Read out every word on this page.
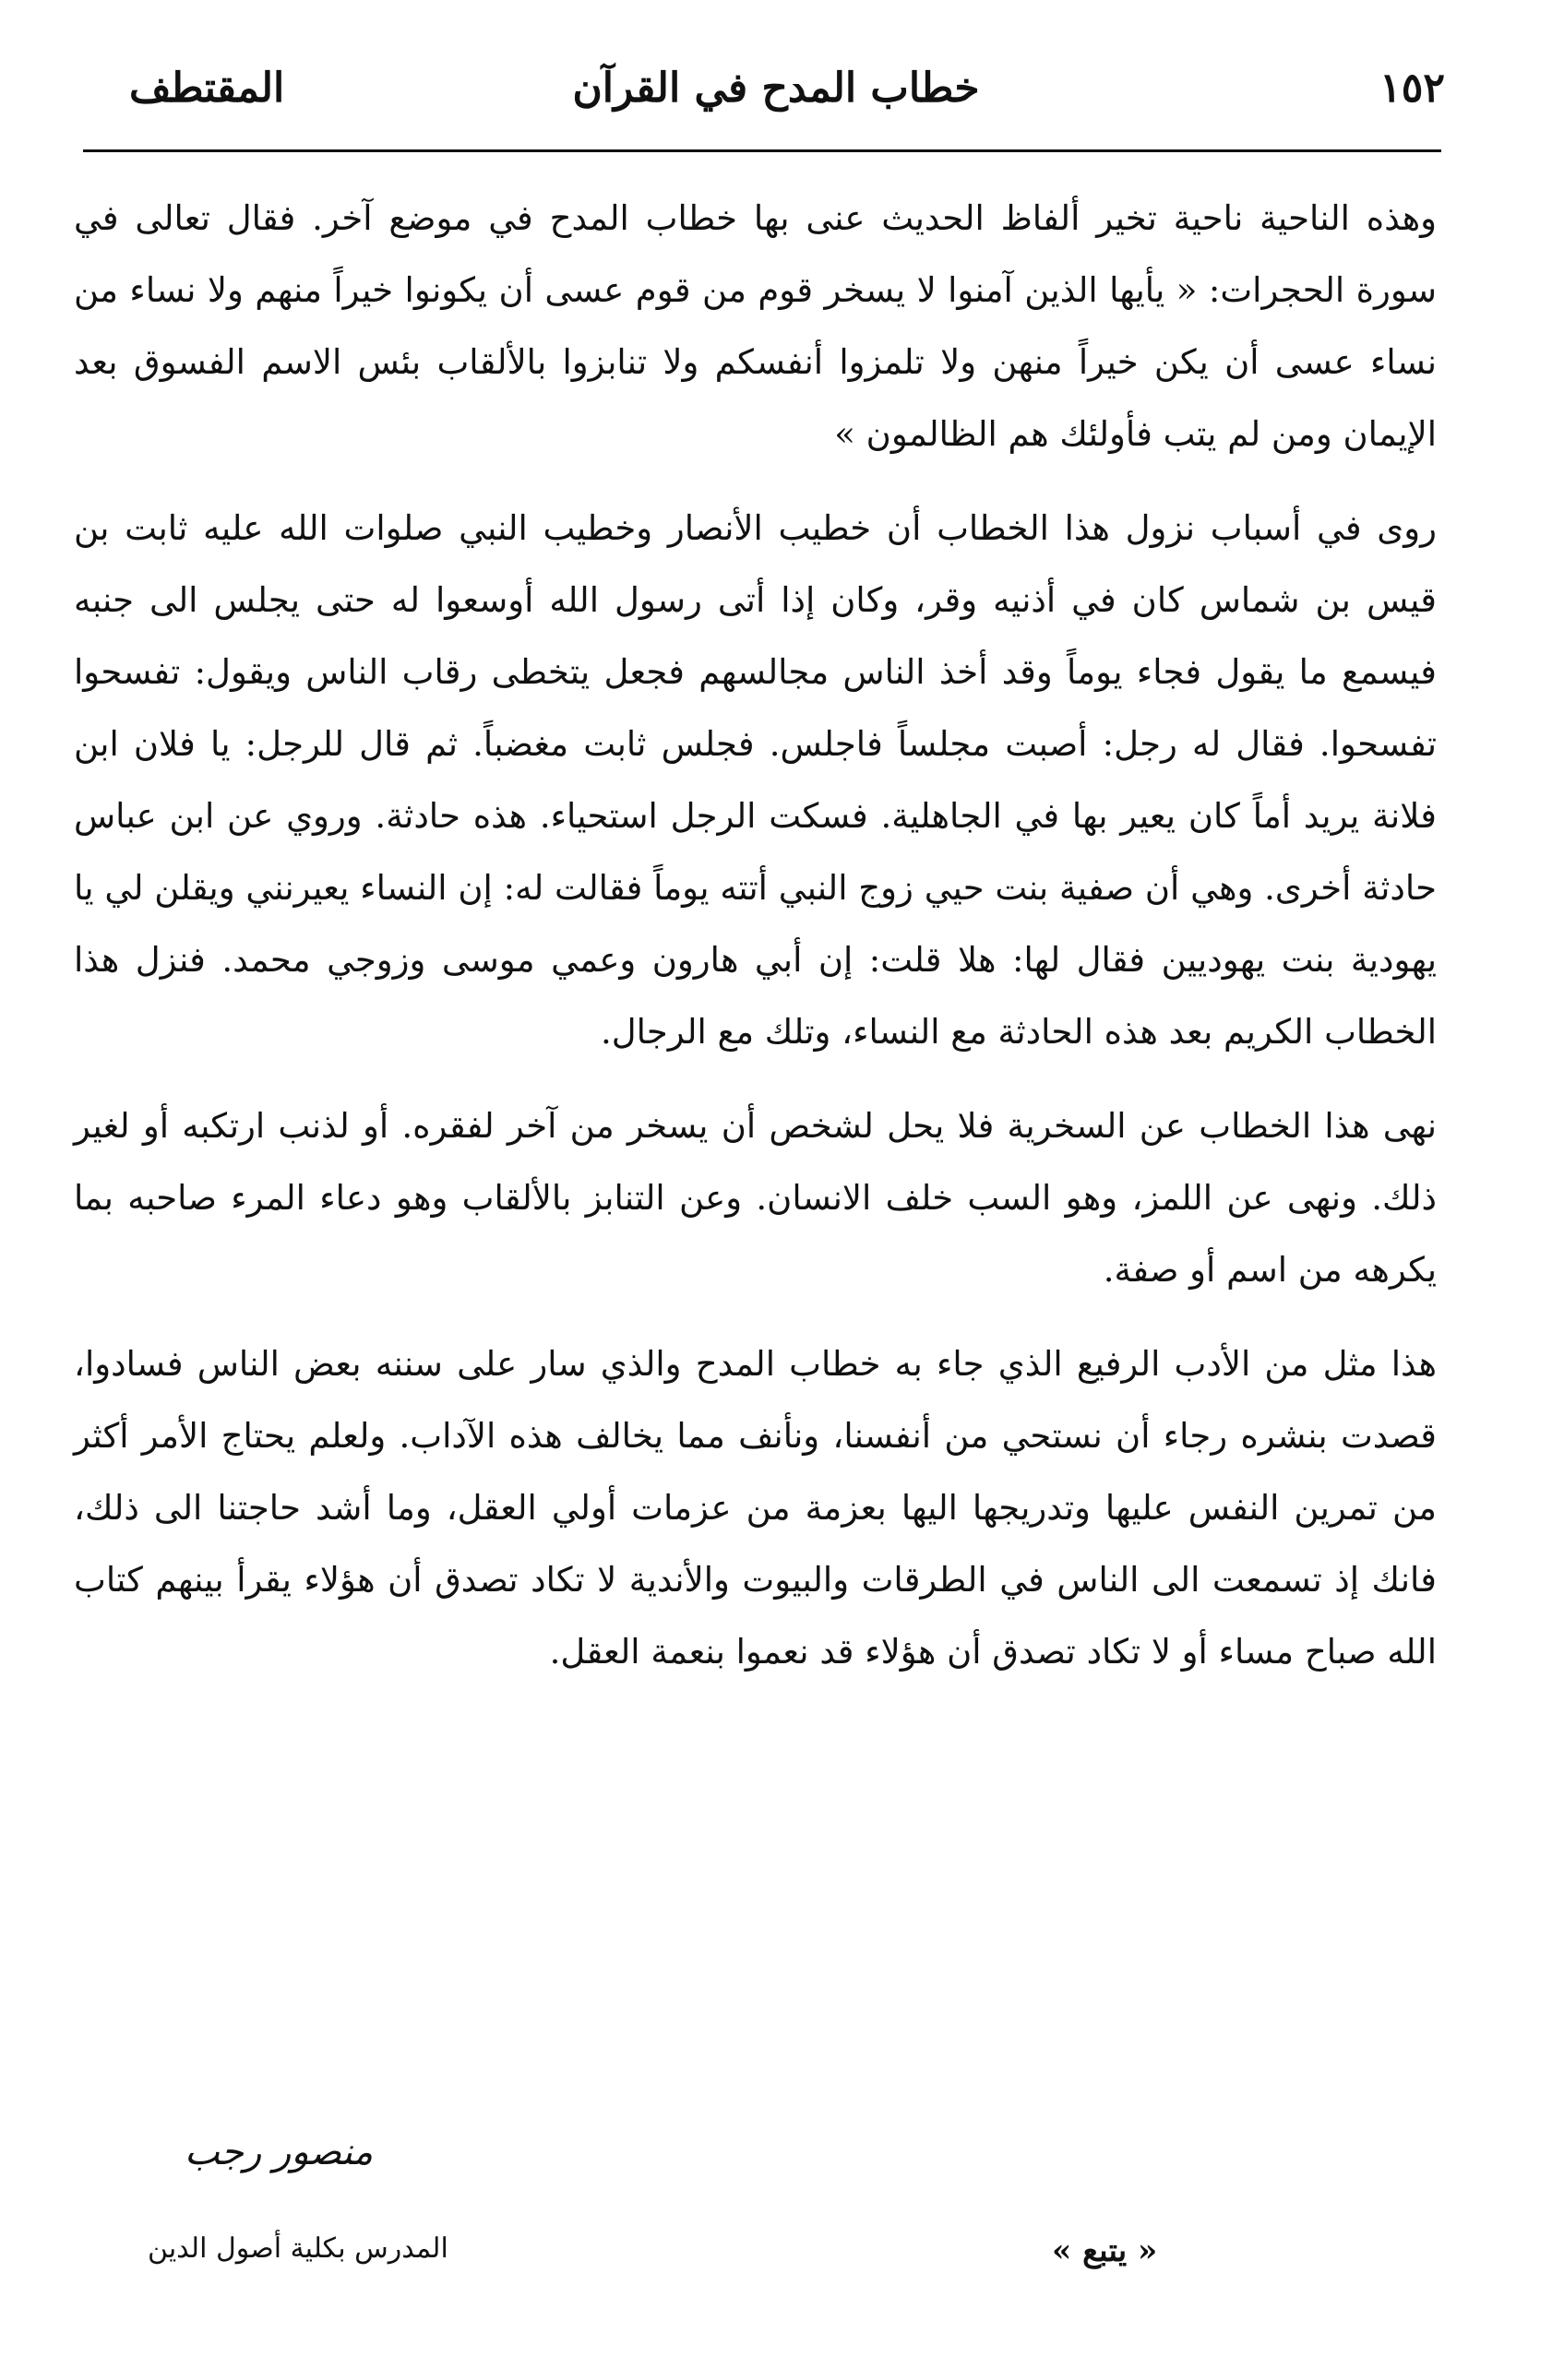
١٥٢
خطاب المدح في القرآن
المقتطف

وهذه الناحية ناحية تخير ألفاظ الحديث عنى بها خطاب المدح في موضع آخر. فقال تعالى في سورة الحجرات: « يأيها الذين آمنوا لا يسخر قوم من قوم عسى أن يكونوا خيراً منهم ولا نساء من نساء عسى أن يكن خيراً منهن ولا تلمزوا أنفسكم ولا تنابزوا بالألقاب بئس الاسم الفسوق بعد الإيمان ومن لم يتب فأولئك هم الظالمون »

روى في أسباب نزول هذا الخطاب أن خطيب الأنصار وخطيب النبي صلوات الله عليه ثابت بن قيس بن شماس كان في أذنيه وقر، وكان إذا أتى رسول الله أوسعوا له حتى يجلس الى جنبه فيسمع ما يقول فجاء يوماً وقد أخذ الناس مجالسهم فجعل يتخطى رقاب الناس ويقول: تفسحوا تفسحوا. فقال له رجل: أصبت مجلساً فاجلس. فجلس ثابت مغضباً. ثم قال للرجل: يا فلان ابن فلانة يريد أماً كان يعير بها في الجاهلية. فسكت الرجل استحياء. هذه حادثة. وروي عن ابن عباس حادثة أخرى. وهي أن صفية بنت حيي زوج النبي أتته يوماً فقالت له: إن النساء يعيرنني ويقلن لي يا يهودية بنت يهوديين فقال لها: هلا قلت: إن أبي هارون وعمي موسى وزوجي محمد. فنزل هذا الخطاب الكريم بعد هذه الحادثة مع النساء، وتلك مع الرجال.

نهى هذا الخطاب عن السخرية فلا يحل لشخص أن يسخر من آخر لفقره. أو لذنب ارتكبه أو لغير ذلك. ونهى عن اللمز، وهو السب خلف الانسان. وعن التنابز بالألقاب وهو دعاء المرء صاحبه بما يكرهه من اسم أو صفة.

هذا مثل من الأدب الرفيع الذي جاء به خطاب المدح والذي سار على سننه بعض الناس فسادوا، قصدت بنشره رجاء أن نستحي من أنفسنا، ونأنف مما يخالف هذه الآداب. ولعلم يحتاج الأمر أكثر من تمرين النفس عليها وتدريجها اليها بعزمة من عزمات أولي العقل، وما أشد حاجتنا الى ذلك، فانك إذ تسمعت الى الناس في الطرقات والبيوت والأندية لا تكاد تصدق أن هؤلاء يقرأ بينهم كتاب الله صباح مساء أو لا تكاد تصدق أن هؤلاء قد نعموا بنعمة العقل.

منصور رجب
المدرس بكلية أصول الدين	« يتبع »
